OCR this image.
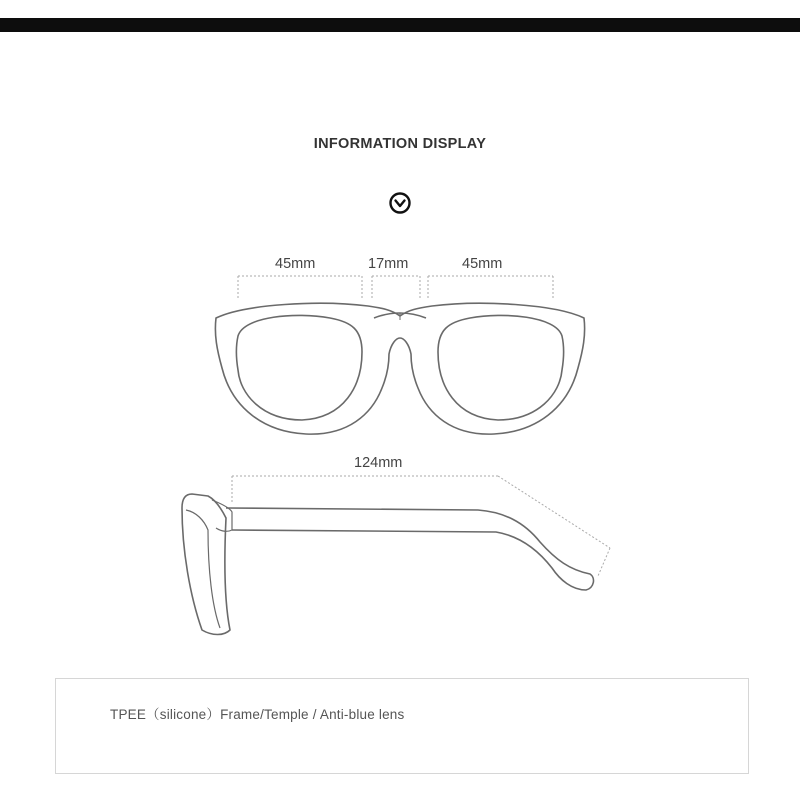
INFORMATION DISPLAY
45mm	17mm	45mm
124mm
TPEE（silicone）Frame/Temple / Anti-blue lens
